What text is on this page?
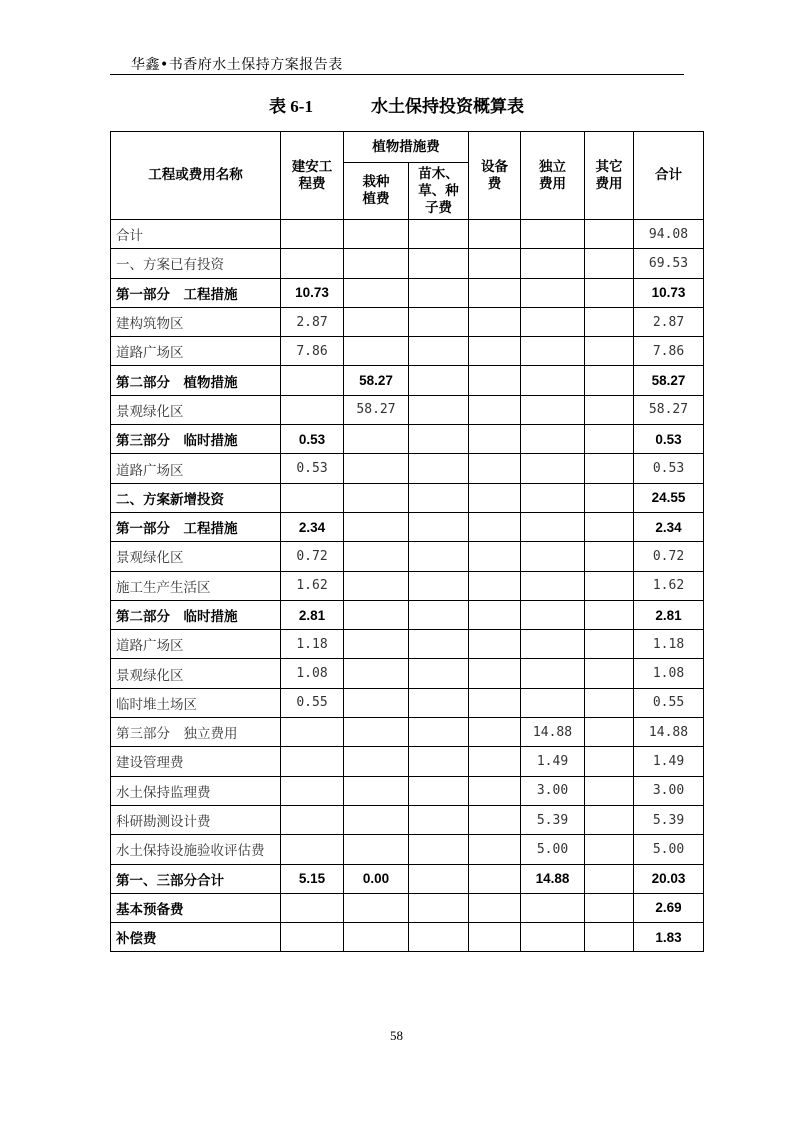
华鑫•书香府水土保持方案报告表
表 6-1	水土保持投资概算表
工程或费用名称	建安工程费	植物措施费		设备费	独立费用	其它费用	合计
		栽种植费	苗木、草、种子费				
合计							94.08
一、方案已有投资							69.53
第一部分　工程措施	10.73						10.73
建构筑物区	2.87						2.87
道路广场区	7.86						7.86
第二部分　植物措施		58.27					58.27
景观绿化区		58.27					58.27
第三部分　临时措施	0.53						0.53
道路广场区	0.53						0.53
二、方案新增投资							24.55
第一部分　工程措施	2.34						2.34
景观绿化区	0.72						0.72
施工生产生活区	1.62						1.62
第二部分　临时措施	2.81						2.81
道路广场区	1.18						1.18
景观绿化区	1.08						1.08
临时堆土场区	0.55						0.55
第三部分　独立费用					14.88		14.88
建设管理费					1.49		1.49
水土保持监理费					3.00		3.00
科研勘测设计费					5.39		5.39
水土保持设施验收评估费					5.00		5.00
第一、三部分合计	5.15	0.00			14.88		20.03
基本预备费							2.69
补偿费							1.83
58
